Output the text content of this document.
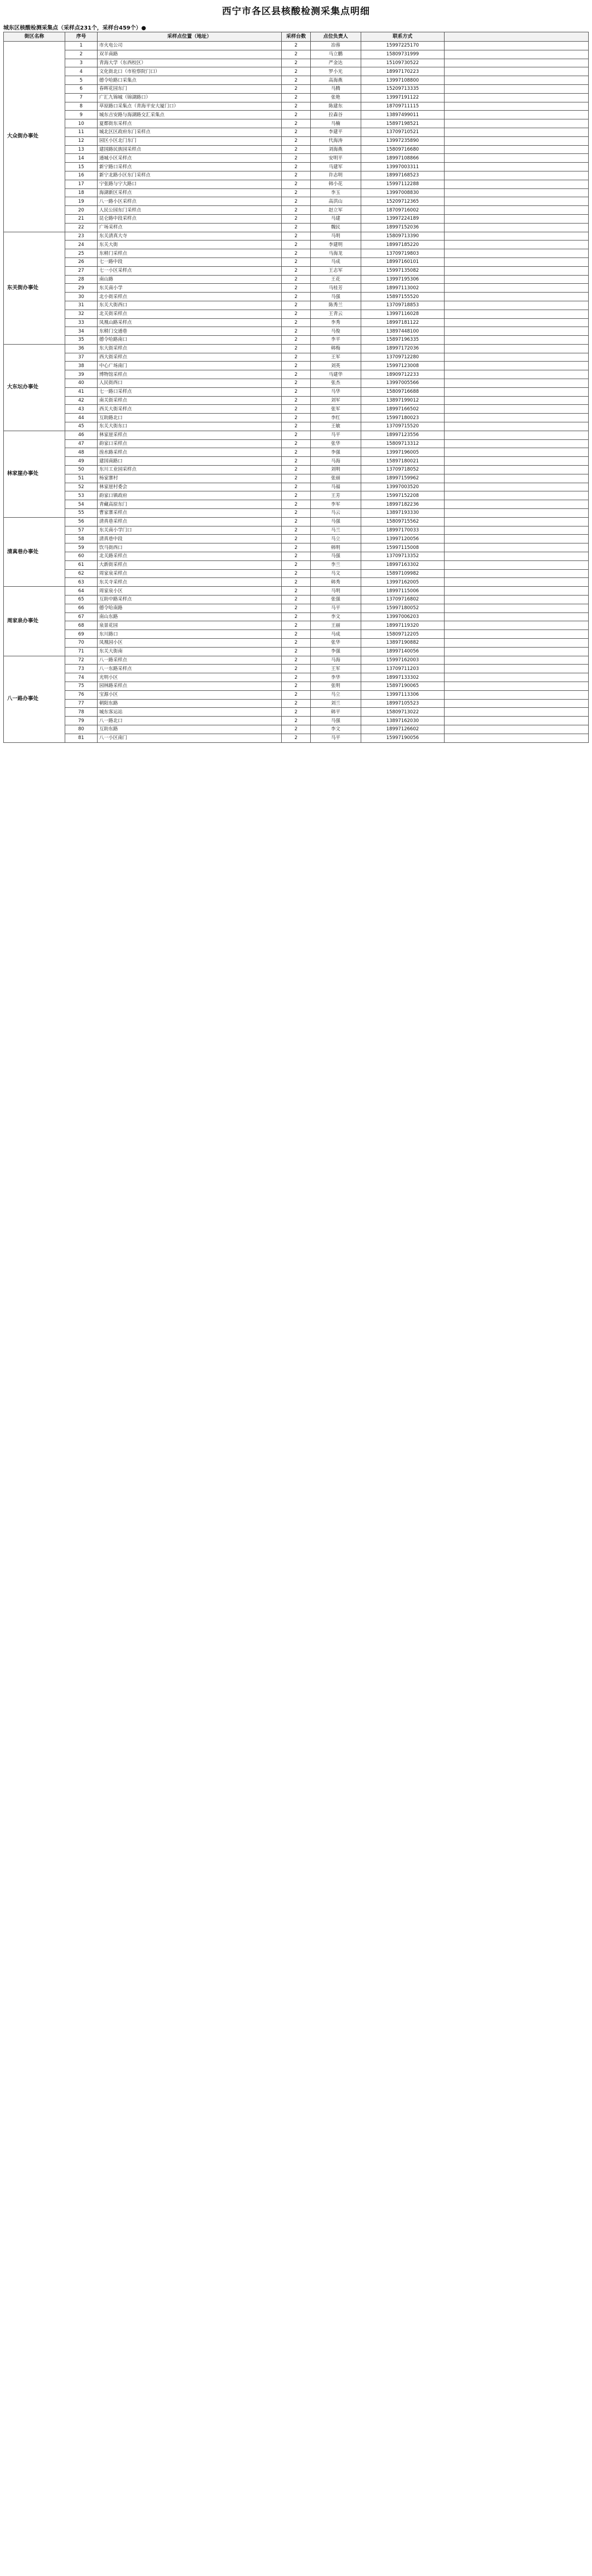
西宁市各区县核酸检测采集点明细
城东区核酸检测采集点（采样点231个，采样台459个）●
街区名称	序号	采样点位置（地址）	采样台数	点位负责人	联系方式	
大众街办事处	1	市火电公司	2	冶蓉	15997225170	
	2	双羊南路	2	马立鹏	15809731999	
	3	青海大学（东西校区）	2	严金达	15109730522	
	4	文化街北口（市检察院门口）	2	罗小光	18997170223	
	5	德令哈路口采集点	2	高海燕	13997108800	
	6	春晖花园东门	2	马腾	15209713335	
	7	广汇九锦城（锦湖路口）	2	张艳	13997191122	
	8	草原路口采集点（青海平安大厦门口）	2	陈建东	18709711115	
	9	城东吉安路与海湖路交汇采集点	2	拉森谷	13897499011	
	10	夏都街东采样点	2	马楠	15897198521	
	11	城北区区政府东门采样点	2	李建平	13709710521	
	12	园区小区北门东门	2	代海涛	13997235890	
	13	建国路民族园采样点	2	刘海燕	15809716680	
	14	通城小区采样点	2	安明平	18997108866	
	15	新宁路口采样点	2	马建军	13997003311	
	16	新宁北路小区东门采样点	2	许志明	18997168523	
	17	宁张路与宁大路口	2	韩小花	15997112288	
	18	海湖新区采样点	2	李玉	13997008830	
	19	八一路小区采样点	2	高洪山	15209712365	
	20	人民公园东门采样点	2	赵立军	18709716002	
	21	昆仑路中段采样点	2	马建	13997224189	
	22	广场采样点	2	魏民	18997152036	
东关街办事处	23	东关清真大寺	2	马明	15809713390	
	24	东关大街	2	李建明	18997185220	
	25	东稍门采样点	2	马海龙	13709719803	
	26	七一路中段	2	马成	18997160101	
	27	七一小区采样点	2	王志军	15997135082	
	28	南山路	2	王花	13997195306	
	29	东关南小学	2	马桂芳	18997113002	
	30	北小街采样点	2	马强	15897155520	
	31	东关大街西口	2	陈秀兰	13709718853	
	32	北关街采样点	2	王青云	13997116028	
	33	凤凰山路采样点	2	李秀	18997181122	
	34	东稍门交通巷	2	马俊	13897448100	
	35	德令哈路南口	2	李平	15897196335	
大东坛办事处	36	东大街采样点	2	韩梅	18997172036	
	37	西大街采样点	2	王军	13709712280	
	38	中心广场南门	2	刘英	15997123008	
	39	博物馆采样点	2	马建华	18909712233	
	40	人民街西口	2	张杰	13997005566	
	41	七一路口采样点	2	马华	15809716688	
	42	南关街采样点	2	刘军	13897199012	
	43	西关大街采样点	2	张军	18997166502	
	44	互助路北口	2	李红	15997180023	
	45	东关大街东口	2	王敏	13709715520	
林家崖办事处	46	林家崖采样点	2	马平	18997123556	
	47	韵家口采样点	2	张华	15809713312	
	48	湟水路采样点	2	李强	13997196005	
	49	建国南路口	2	马海	15897180021	
	50	东川工业园采样点	2	刘明	13709718052	
	51	杨家寨村	2	张丽	18997159962	
	52	林家崖村委会	2	马福	13997003520	
	53	韵家口镇政府	2	王芳	15997152208	
	54	青藏高原东门	2	李军	18997182236	
	55	曹家寨采样点	2	马云	13897193330	
清真巷办事处	56	清真巷采样点	2	马强	15809715562	
	57	东关南小学门口	2	马兰	18997170033	
	58	清真巷中段	2	马立	13997120056	
	59	饮马街西口	2	韩明	15997115008	
	60	北关路采样点	2	马强	13709713352	
	61	大新街采样点	2	李兰	18997163302	
	62	周家泉采样点	2	马文	15897109982	
	63	东关寺采样点	2	韩秀	13997162005	
周家泉办事处	64	周家泉小区	2	马明	18997115006	
	65	互助中路采样点	2	张强	13709716802	
	66	德令哈南路	2	马平	15997180052	
	67	南山东路	2	李文	13997006203	
	68	泉景花园	2	王丽	18997119320	
	69	东川路口	2	马成	15809712205	
	70	凤凰园小区	2	张华	13897190882	
	71	东关大街南	2	李强	18997140056	
八一路办事处	72	八一路采样点	2	马海	15997162003	
	73	八一东路采样点	2	王军	13709711203	
	74	光明小区	2	李华	18997133302	
	75	园林路采样点	2	张明	15897190065	
	76	宝源小区	2	马立	13997113306	
	77	朝阳东路	2	刘兰	18997105523	
	78	城东客运站	2	韩平	15809713022	
	79	八一路北口	2	马强	13897162030	
	80	互助东路	2	李文	18997126602	
	81	八一小区南门	2	马平	15997190056	
